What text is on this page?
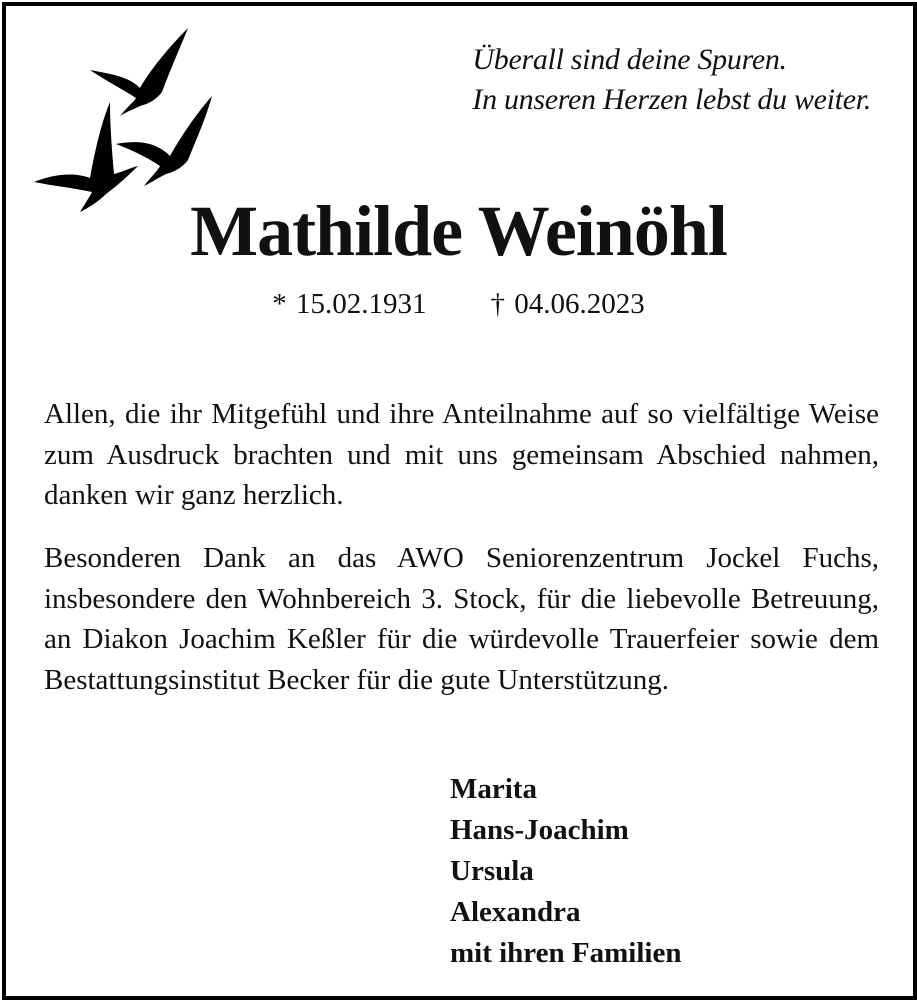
Überall sind deine Spuren.
In unseren Herzen lebst du weiter.
Mathilde Weinöhl
* 15.02.1931 † 04.06.2023
Allen, die ihr Mitgefühl und ihre Anteilnahme auf so vielfältige Weise zum Ausdruck brachten und mit uns gemeinsam Abschied nahmen, danken wir ganz herzlich.
Besonderen Dank an das AWO Seniorenzentrum Jockel Fuchs, insbesondere den Wohnbereich 3. Stock, für die liebevolle Betreuung, an Diakon Joachim Keßler für die würdevolle Trauerfeier sowie dem Bestattungsinstitut Becker für die gute Unterstützung.
Marita
Hans-Joachim
Ursula
Alexandra
mit ihren Familien
